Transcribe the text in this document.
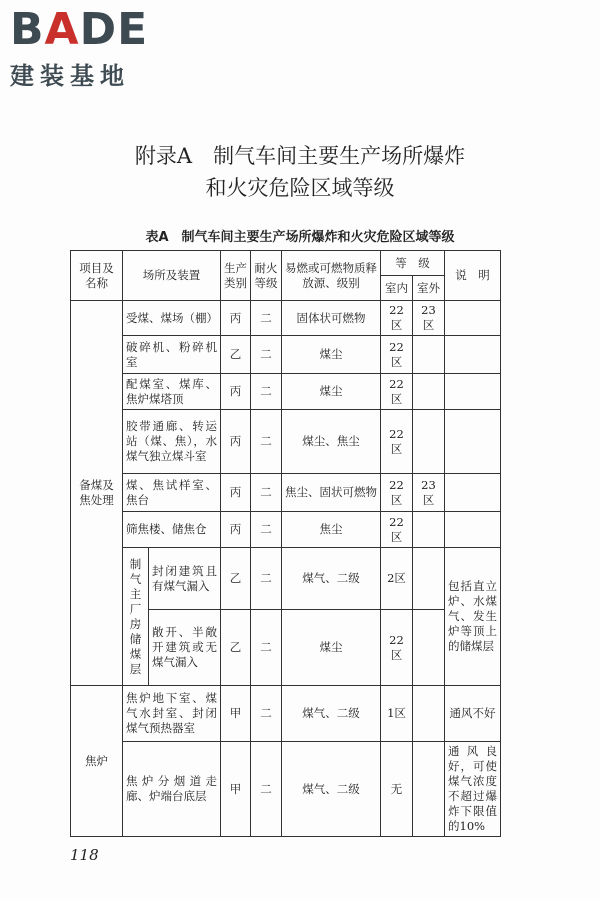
BADE
建装基地
附录A　制气车间主要生产场所爆炸
和火灾危险区域等级
表A　制气车间主要生产场所爆炸和火灾危险区域等级
项目及名称	场所及装置		生产类别	耐火等级	易燃或可燃物质释放源、级别	等　级		说　明
						室内	室外	
备煤及焦处理	受煤、煤场（棚）		丙	二	固体状可燃物	22区	23区	
	破碎机、粉碎机室		乙	二	煤尘	22区		
	配煤室、煤库、焦炉煤塔顶		丙	二	煤尘	22区		
	胶带通廊、转运站（煤、焦），水煤气独立煤斗室		丙	二	煤尘、焦尘	22区		
	煤、焦试样室、焦台		丙	二	焦尘、固状可燃物	22区	23区	
	筛焦楼、储焦仓		丙	二	焦尘	22区		
	制气主厂房储煤层	封闭建筑且有煤气漏入	乙	二	煤气、二级	2区		包括直立炉、水煤气、发生炉等顶上的储煤层
		敞开、半敞开建筑或无煤气漏入	乙	二	煤尘	22区		
焦炉	焦炉地下室、煤气水封室、封闭煤气预热器室		甲	二	煤气、二级	1区		通风不好
	焦炉分烟道走廊、炉端台底层		甲	二	煤气、二级	无		通风良好，可使煤气浓度不超过爆炸下限值的10%
118
